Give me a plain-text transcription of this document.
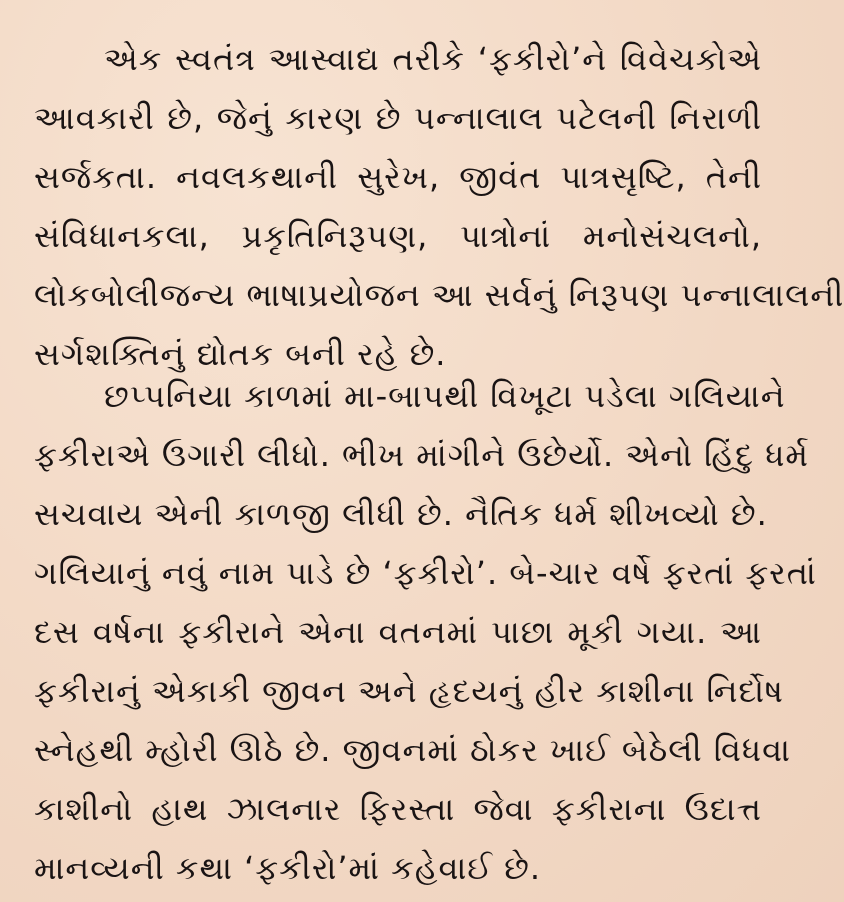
એક સ્વતંત્ર આસ્વાદ્ય તરીકે ‘ફકીરો’ને વિવેચકોએ
આવકારી છે, જેનું કારણ છે પન્નાલાલ પટેલની નિરાળી
સર્જકતા. નવલકથાની સુરેખ, જીવંત પાત્રસૃષ્ટિ, તેની
સંવિધાનકલા, પ્રકૃતિનિરૂપણ, પાત્રોનાં મનોસંચલનો,
લોકબોલીજન્ય ભાષાપ્રયોજન આ સર્વનું નિરૂપણ પન્નાલાલની
સર્ગશક્તિનું દ્યોતક બની રહે છે.

છપ્પનિયા કાળમાં મા-બાપથી વિખૂટા પડેલા ગલિયાને
ફકીરાએ ઉગારી લીધો. ભીખ માંગીને ઉછેર્યો. એનો હિંદુ ધર્મ
સચવાય એની કાળજી લીધી છે. નૈતિક ધર્મ શીખવ્યો છે.
ગલિયાનું નવું નામ પાડે છે ‘ફકીરો’. બે-ચાર વર્ષે ફરતાં ફરતાં
દસ વર્ષના ફકીરાને એના વતનમાં પાછા મૂકી ગયા. આ
ફકીરાનું એકાકી જીવન અને હૃદયનું હીર કાશીના નિર્દોષ
સ્નેહથી મ્હોરી ઊઠે છે. જીવનમાં ઠોકર ખાઈ બેઠેલી વિધવા
કાશીનો હાથ ઝાલનાર ફિરસ્તા જેવા ફકીરાના ઉદાત્ત
માનવ્યની કથા ‘ફકીરો’માં કહેવાઈ છે.
